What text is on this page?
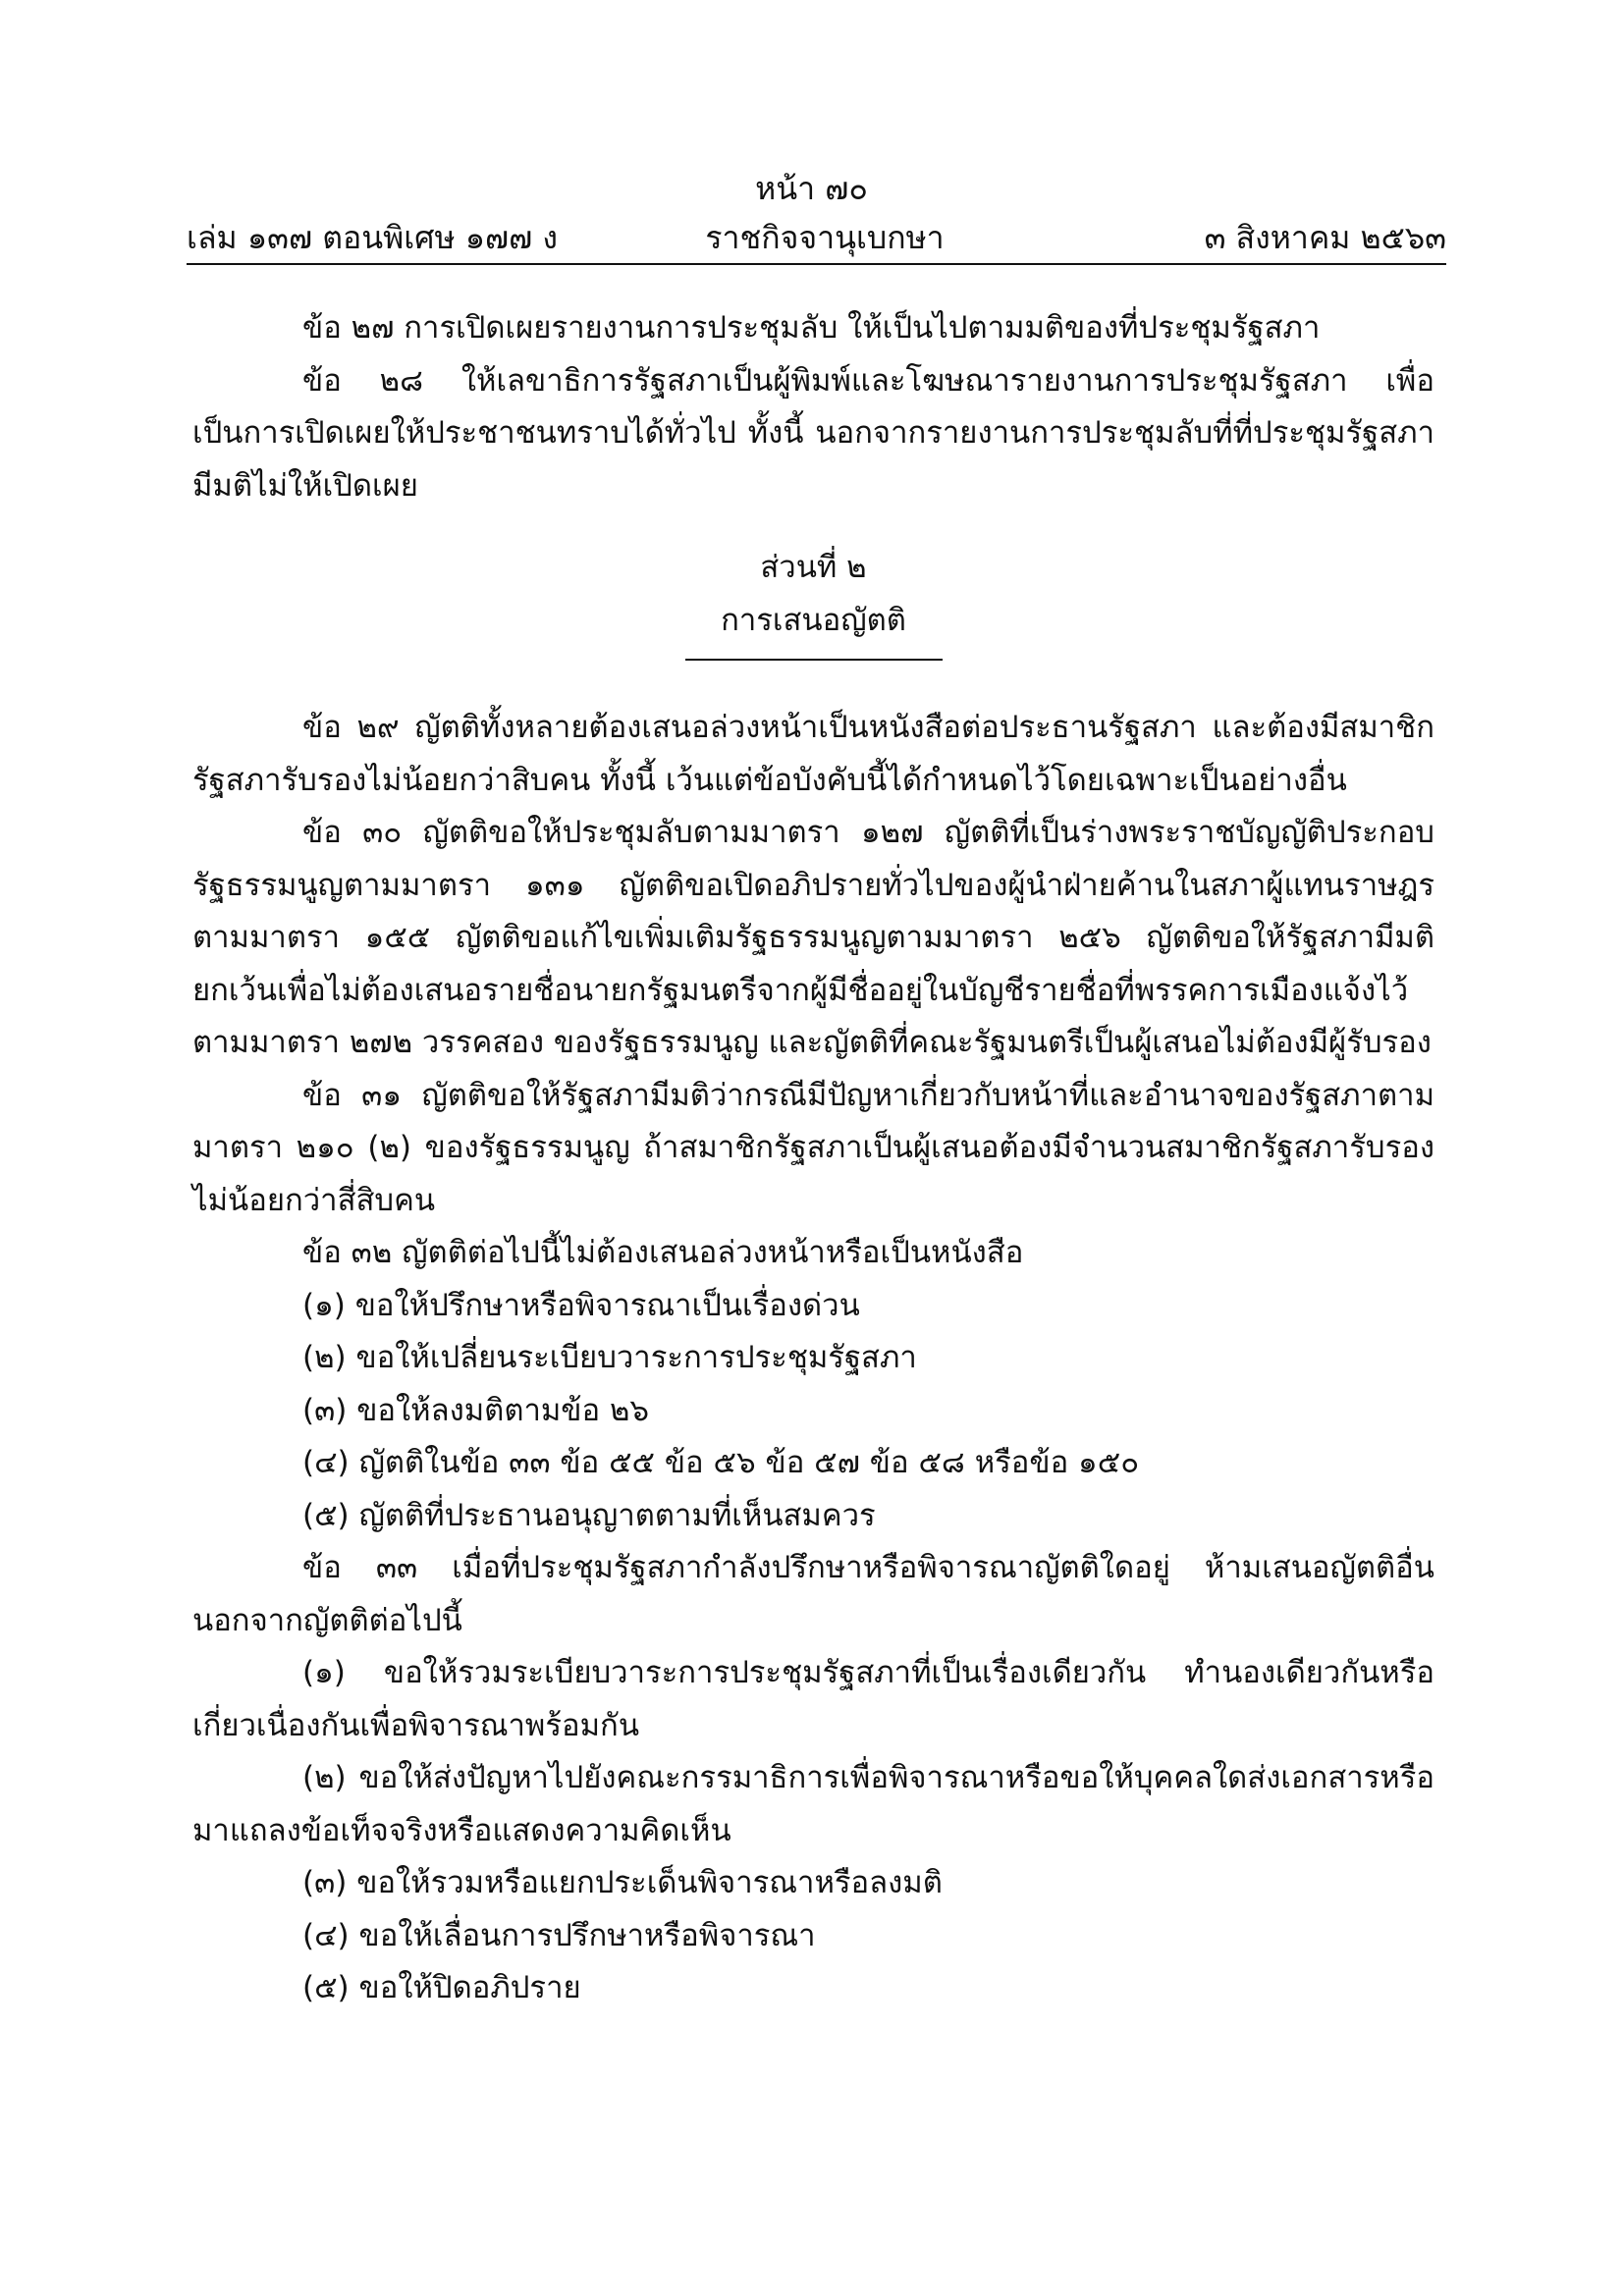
หน้า ๗๐
เล่ม ๑๓๗ ตอนพิเศษ ๑๗๗ ง	ราชกิจจานุเบกษา	๓ สิงหาคม ๒๕๖๓

ข้อ ๒๗ การเปิดเผยรายงานการประชุมลับ ให้เป็นไปตามมติของที่ประชุมรัฐสภา

ข้อ ๒๘ ให้เลขาธิการรัฐสภาเป็นผู้พิมพ์และโฆษณารายงานการประชุมรัฐสภา เพื่อเป็นการเปิดเผยให้ประชาชนทราบได้ทั่วไป ทั้งนี้ นอกจากรายงานการประชุมลับที่ที่ประชุมรัฐสภามีมติไม่ให้เปิดเผย

ส่วนที่ ๒

การเสนอญัตติ

ข้อ ๒๙ ญัตติทั้งหลายต้องเสนอล่วงหน้าเป็นหนังสือต่อประธานรัฐสภา และต้องมีสมาชิกรัฐสภารับรองไม่น้อยกว่าสิบคน ทั้งนี้ เว้นแต่ข้อบังคับนี้ได้กำหนดไว้โดยเฉพาะเป็นอย่างอื่น

ข้อ ๓๐ ญัตติขอให้ประชุมลับตามมาตรา ๑๒๗ ญัตติที่เป็นร่างพระราชบัญญัติประกอบรัฐธรรมนูญตามมาตรา ๑๓๑ ญัตติขอเปิดอภิปรายทั่วไปของผู้นำฝ่ายค้านในสภาผู้แทนราษฎรตามมาตรา ๑๕๕ ญัตติขอแก้ไขเพิ่มเติมรัฐธรรมนูญตามมาตรา ๒๕๖ ญัตติขอให้รัฐสภามีมติยกเว้นเพื่อไม่ต้องเสนอรายชื่อนายกรัฐมนตรีจากผู้มีชื่ออยู่ในบัญชีรายชื่อที่พรรคการเมืองแจ้งไว้ตามมาตรา ๒๗๒ วรรคสอง ของรัฐธรรมนูญ และญัตติที่คณะรัฐมนตรีเป็นผู้เสนอไม่ต้องมีผู้รับรอง

ข้อ ๓๑ ญัตติขอให้รัฐสภามีมติว่ากรณีมีปัญหาเกี่ยวกับหน้าที่และอำนาจของรัฐสภาตามมาตรา ๒๑๐ (๒) ของรัฐธรรมนูญ ถ้าสมาชิกรัฐสภาเป็นผู้เสนอต้องมีจำนวนสมาชิกรัฐสภารับรองไม่น้อยกว่าสี่สิบคน

ข้อ ๓๒ ญัตติต่อไปนี้ไม่ต้องเสนอล่วงหน้าหรือเป็นหนังสือ

(๑) ขอให้ปรึกษาหรือพิจารณาเป็นเรื่องด่วน

(๒) ขอให้เปลี่ยนระเบียบวาระการประชุมรัฐสภา

(๓) ขอให้ลงมติตามข้อ ๒๖

(๔) ญัตติในข้อ ๓๓ ข้อ ๕๕ ข้อ ๕๖ ข้อ ๕๗ ข้อ ๕๘ หรือข้อ ๑๕๐

(๕) ญัตติที่ประธานอนุญาตตามที่เห็นสมควร

ข้อ ๓๓ เมื่อที่ประชุมรัฐสภากำลังปรึกษาหรือพิจารณาญัตติใดอยู่ ห้ามเสนอญัตติอื่นนอกจากญัตติต่อไปนี้

(๑) ขอให้รวมระเบียบวาระการประชุมรัฐสภาที่เป็นเรื่องเดียวกัน ทำนองเดียวกันหรือเกี่ยวเนื่องกันเพื่อพิจารณาพร้อมกัน

(๒) ขอให้ส่งปัญหาไปยังคณะกรรมาธิการเพื่อพิจารณาหรือขอให้บุคคลใดส่งเอกสารหรือมาแถลงข้อเท็จจริงหรือแสดงความคิดเห็น

(๓) ขอให้รวมหรือแยกประเด็นพิจารณาหรือลงมติ

(๔) ขอให้เลื่อนการปรึกษาหรือพิจารณา

(๕) ขอให้ปิดอภิปราย
